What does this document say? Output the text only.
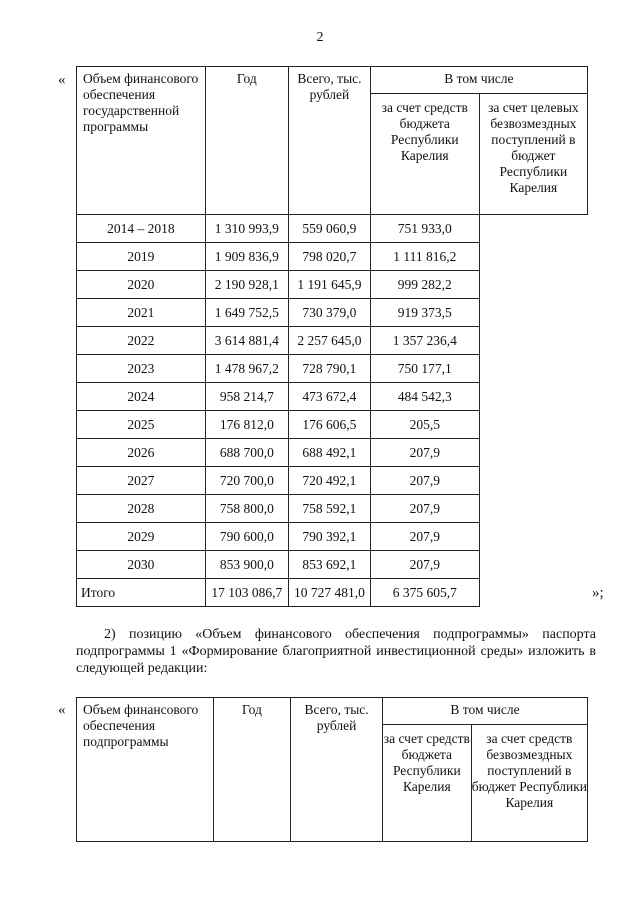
2
« Объем финансового обеспечения государственной программы	Год	Всего, тыс. рублей	В том числе	
			за счет средств бюджета Республики Карелия	за счет целевых безвозмездных поступлений в бюджет Республики Карелия
2014 – 2018	1 310 993,9	559 060,9	751 933,0	
2019	1 909 836,9	798 020,7	1 111 816,2	
2020	2 190 928,1	1 191 645,9	999 282,2	
2021	1 649 752,5	730 379,0	919 373,5	
2022	3 614 881,4	2 257 645,0	1 357 236,4	
2023	1 478 967,2	728 790,1	750 177,1	
2024	958 214,7	473 672,4	484 542,3	
2025	176 812,0	176 606,5	205,5	
2026	688 700,0	688 492,1	207,9	
2027	720 700,0	720 492,1	207,9	
2028	758 800,0	758 592,1	207,9	
2029	790 600,0	790 392,1	207,9	
2030	853 900,0	853 692,1	207,9	
Итого	17 103 086,7	10 727 481,0	6 375 605,7		»;
2) позицию «Объем финансового обеспечения подпрограммы» паспорта подпрограммы 1 «Формирование благоприятной инвестиционной среды» изложить в следующей редакции:
« Объем финансового обеспечения подпрограммы	Год	Всего, тыс. рублей	В том числе	
			за счет средств бюджета Республики Карелия	за счет средств безвозмездных поступлений в бюджет Республики Карелия
